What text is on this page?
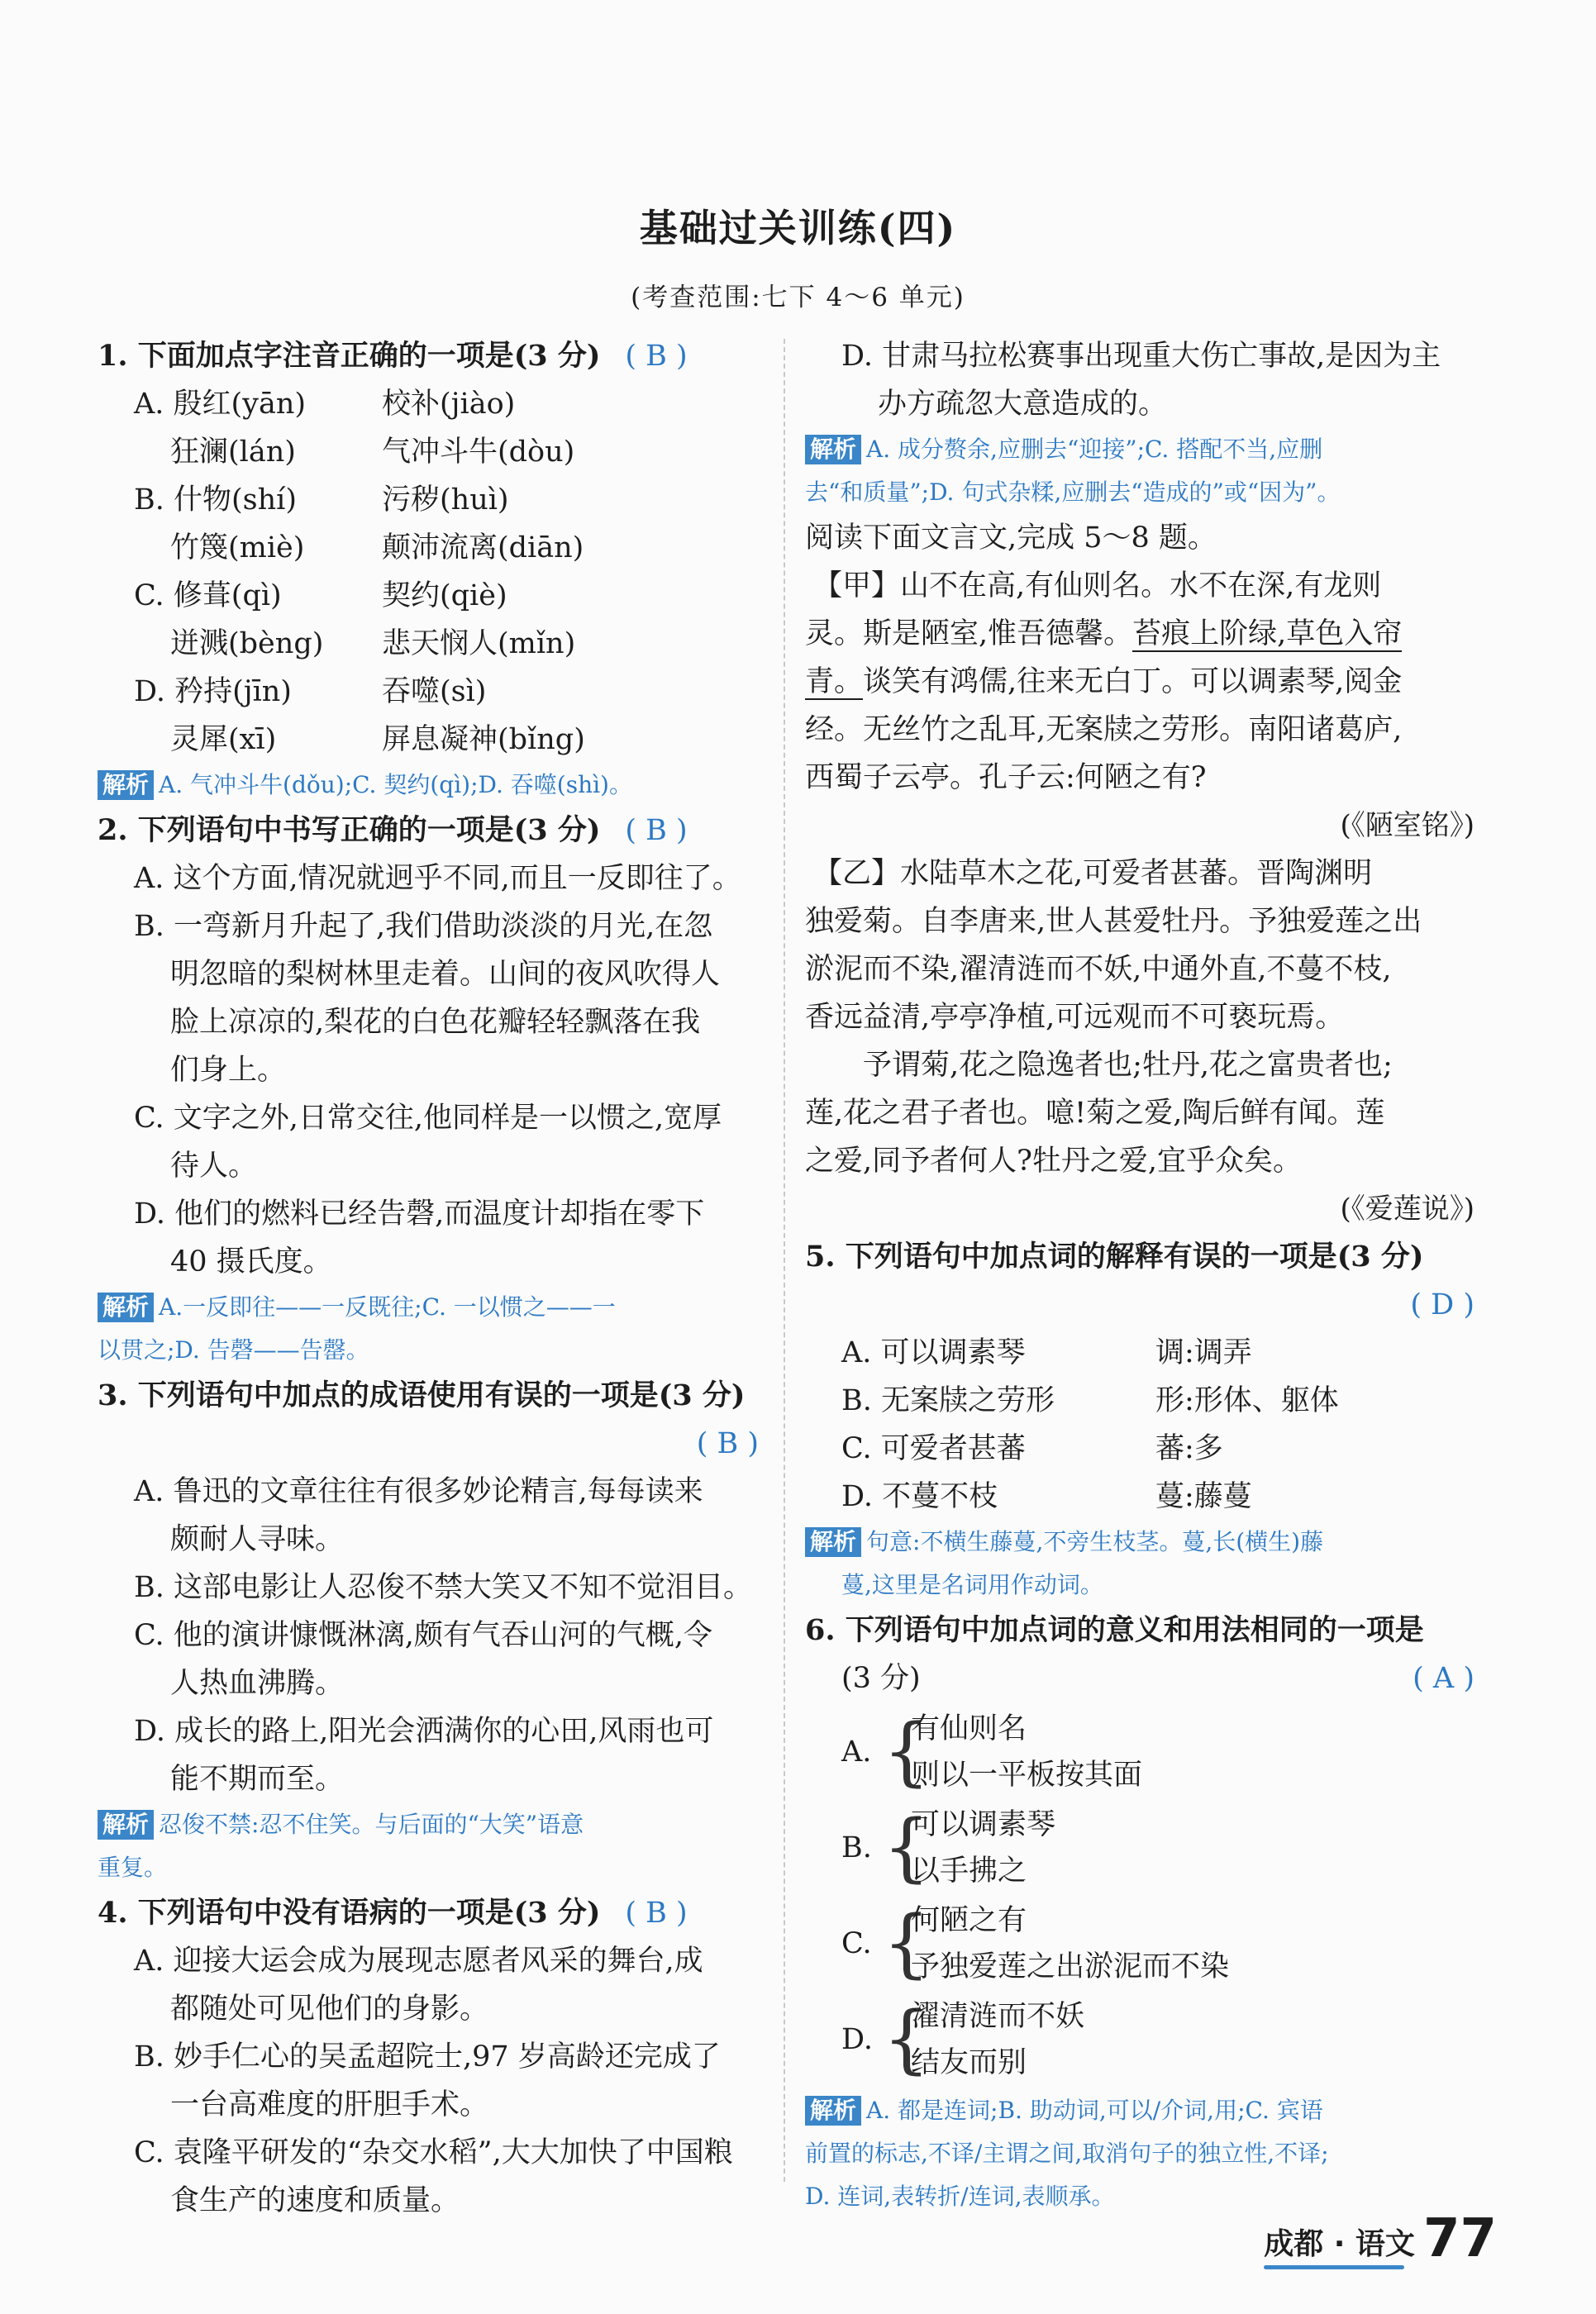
基础过关训练(四)
(考查范围:七下 4～6 单元)
1. 下面加点字注音正确的一项是(3 分) ( B )
A. 殷红(yān)	校补(jiào)
狂澜(lán)	气冲斗牛(dòu)
B. 什物(shí)	污秽(huì)
竹篾(miè)	颠沛流离(diān)
C. 修葺(qì)	契约(qiè)
迸溅(bèng)	悲天悯人(mǐn)
D. 矜持(jīn)	吞噬(sì)
灵犀(xī)	屏息凝神(bǐng)
解析 A. 气冲斗牛(dǒu);C. 契约(qì);D. 吞噬(shì)。
2. 下列语句中书写正确的一项是(3 分) ( B )
A. 这个方面,情况就迥乎不同,而且一反即往了。
B. 一弯新月升起了,我们借助淡淡的月光,在忽
明忽暗的梨树林里走着。山间的夜风吹得人
脸上凉凉的,梨花的白色花瓣轻轻飘落在我
们身上。
C. 文字之外,日常交往,他同样是一以惯之,宽厚
待人。
D. 他们的燃料已经告磬,而温度计却指在零下
40 摄氏度。
解析 A.一反即往——一反既往;C. 一以惯之——一
以贯之;D. 告磬——告罄。
3. 下列语句中加点的成语使用有误的一项是(3 分)
( B )
A. 鲁迅的文章往往有很多妙论精言,每每读来
颇耐人寻味。
B. 这部电影让人忍俊不禁大笑又不知不觉泪目。
C. 他的演讲慷慨淋漓,颇有气吞山河的气概,令
人热血沸腾。
D. 成长的路上,阳光会洒满你的心田,风雨也可
能不期而至。
解析 忍俊不禁:忍不住笑。与后面的“大笑”语意
重复。
4. 下列语句中没有语病的一项是(3 分) ( B )
A. 迎接大运会成为展现志愿者风采的舞台,成
都随处可见他们的身影。
B. 妙手仁心的吴孟超院士,97 岁高龄还完成了
一台高难度的肝胆手术。
C. 袁隆平研发的“杂交水稻”,大大加快了中国粮
食生产的速度和质量。
D. 甘肃马拉松赛事出现重大伤亡事故,是因为主
办方疏忽大意造成的。
解析 A. 成分赘余,应删去“迎接”;C. 搭配不当,应删
去“和质量”;D. 句式杂糅,应删去“造成的”或“因为”。
阅读下面文言文,完成 5～8 题。
【甲】山不在高,有仙则名。水不在深,有龙则
灵。斯是陋室,惟吾德馨。苔痕上阶绿,草色入帘
青。谈笑有鸿儒,往来无白丁。可以调素琴,阅金
经。无丝竹之乱耳,无案牍之劳形。南阳诸葛庐,
西蜀子云亭。孔子云:何陋之有?
(《陋室铭》)
【乙】水陆草木之花,可爱者甚蕃。晋陶渊明
独爱菊。自李唐来,世人甚爱牡丹。予独爱莲之出
淤泥而不染,濯清涟而不妖,中通外直,不蔓不枝,
香远益清,亭亭净植,可远观而不可亵玩焉。
予谓菊,花之隐逸者也;牡丹,花之富贵者也;
莲,花之君子者也。噫!菊之爱,陶后鲜有闻。莲
之爱,同予者何人?牡丹之爱,宜乎众矣。
(《爱莲说》)
5. 下列语句中加点词的解释有误的一项是(3 分)
( D )
A. 可以调素琴	调:调弄
B. 无案牍之劳形	形:形体、躯体
C. 可爱者甚蕃	蕃:多
D. 不蔓不枝	蔓:藤蔓
解析 句意:不横生藤蔓,不旁生枝茎。蔓,长(横生)藤
蔓,这里是名词用作动词。
6. 下列语句中加点词的意义和用法相同的一项是
(3 分)	( A )
A. {
有仙则名
则以一平板按其面
B. {
可以调素琴
以手拂之
C. {
何陋之有
予独爱莲之出淤泥而不染
D. {
濯清涟而不妖
结友而别
解析 A. 都是连词;B. 助动词,可以/介词,用;C. 宾语
前置的标志,不译/主谓之间,取消句子的独立性,不译;
D. 连词,表转折/连词,表顺承。
成都 · 语文 77
